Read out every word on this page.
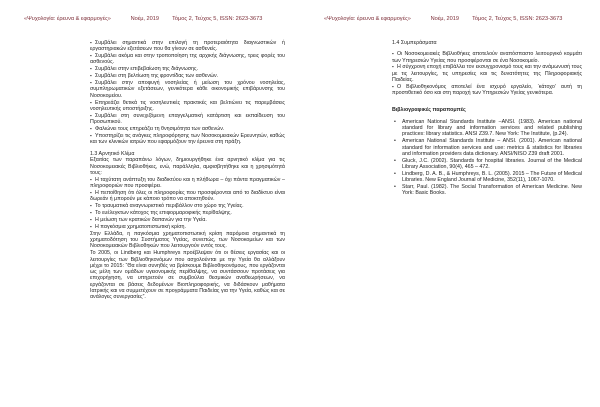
«Ψυχολογία: έρευνα & εφαρμογές»	Νοέμ, 2019 Τόμος 2, Τεύχος 5, ISSN: 2623-3673
▪ Συμβάλει σημαντικά στην επιλογή τη προτεραιότητα διαγνωστικών ή εργαστηριακών εξετάσεων που θα γίνουν σε ασθενείς.
▪ Συμβάλει ακόμα και στην τροποποίηση της αρχικής διάγνωσης, τρεις φορές του ασθενούς.
▪ Συμβάλει στην επιβεβαίωση της διάγνωσης.
▪ Συμβάλει στη βελτίωση της φροντίδας των ασθενών.
▪ Συμβάλει στην αποφυγή νοσηλείας ή μείωση του χρόνου νοσηλείας, συμπληρωματικών εξετάσεων, γενικότερα κάθε οικονομικής επιβάρυνσης του Νοσοκομείου.
▪ Επηρεάζει θετικά τις νοσηλευτικές πρακτικές και βελτιώνει τις παρεμβάσεις νοσηλευτικής υποστήριξης.
▪ Συμβάλει στη συνεχιζόμενη επαγγελματική κατάρτιση και εκπαίδευση του Προσωπικού.
▪ Φαλιώνει τους επηρεάζει τη θνησιμότητα των ασθενών.
▪ Υποστηρίζει τις ανάγκες πληροφόρησης των Νοσοκομειακών Ερευνητών, καθώς και των κλινικών ιατρών που εφαρμόζουν την έρευνα στη πράξη.
1.3 Αρνητικό Κλίμα
Εξαιτίας των παραπάνω λόγων, δημιουργήθηκε ένα αρνητικό κλίμα για τις Νοσοκομειακές Βιβλιοθήκες, ενώ, παράλληλα, αμφισβητήθηκε και η χρησιμότητά τους:
▪ Η ταχύτατη ανάπτυξη του διαδικτύου και η πλήθωρα – όχι πάντα πραγματικών – πληροφοριών που προσφέρει.
▪ Η πεποίθηση ότι όλες οι πληροφορίες που προσφέρονται από το διαδίκτυο είναι δωρεάν ή μπορούν με κάποιο τρόπο να αποκτηθούν.
▪ Το τραυματικά αναγνωριστικό περιβάλλον στο χώρο της Υγείας.
▪ Το ευέλεγκτων κάτοχος της επιφορμαροφικής περίθαλψης.
▪ Η μείωση των κρατικών δαπανών για την Υγεία.
▪ Η παγκόσμια χρηματοπιστωτική κρίση.
Στην Ελλάδα, η παγκόσμια χρηματοπιστωτική κρίση παρόμοια σημαντικά τη χρηματοδότηση του Συστήματος Υγείας, συνεπώς, των Νοσοκομείων και των Νοσοκομειακών Βιβλιοθηκών που λειτουργούν εντός τους.
Το 2005, οι Lindberg και Humphreys προέβλεψαν ότι οι θέσεις εργασίας και οι λειτουργίες των Βιβλιοθηκονόμων που ασχολούνται με την Υγεία θα αλλάξουν μέχρι το 2015: “Θα είναι συνηθές να βρίσκουμε Βιβλιοθηκονόμους, που εργάζονται ως μέλη των ομάδων υγειονομικής περίθαλψης, να συντάσσουν προτάσεις για επιχορήγηση, να υπηρετούν σε συμβούλια θεσμικών αναθεωρήσεων, να εργάζονται σε βάσεις δεδομένων Βιοπληροφορικής, να διδάσκουν μαθήματα Ιατρικής και να συμμετέχουν σε προγράμματα Παιδείας για την Υγεία, καθώς και σε ανάλογες συνεργασίες”.
«Ψυχολογία: έρευνα & εφαρμογές»	Νοέμ, 2019 Τόμος 2, Τεύχος 5, ISSN: 2623-3673
1.4 Συμπεράσματα
▪ Οι Νοσοκομειακές Βιβλιοθήκες αποτελούν αναπόσπαστο λειτουργικό κομμάτι των Υπηρεσιών Υγείας που προσφέρονται σε ένα Νοσοκομείο.
▪ Η σύγχρονη εποχή επιβάλλει τον εκσυγχρονισμό τους και την ανάμωνυσή τους με τις λειτουργίες, τις υπηρεσίες και τις δυνατότητες της Πληροφοριακής Παιδείας.
▪ Ο Βιβλιοθηκονόμος αποτελεί ένα ισχυρό εργαλείο, ‘κάτοχο’ αυτή τη προστιθετικό όσο και στη παροχή των Υπηρεσιών Υγείας γενικότερα.
Βιβλιογραφικές παραπομπές
• American National Standards Institute –ANSI. (1983). American national standard for library and information services and related publishing practices: library statistics. ANSI Z39.7. New York: The Institute, (p.24).
• American National Standards Institute – ANSI. (2001). American national standard for information services and use: metrics & statistics for libraries and information providers data dictionary. ANSI/NISO Z39 draft 2001.
• Gluck, J.C. (2002). Standards for hospital libraries. Journal of the Medical Library Association, 90(4), 465 – 472.
• Lindberg, D. A. B., & Humphreys, B. L. (2005). 2015 – The Future of Medical Libraries. New England Journal of Medicine, 352(11), 1067-1070.
• Starr, Paul. (1982). The Social Transformation of American Medicine. New York: Basic Books.
